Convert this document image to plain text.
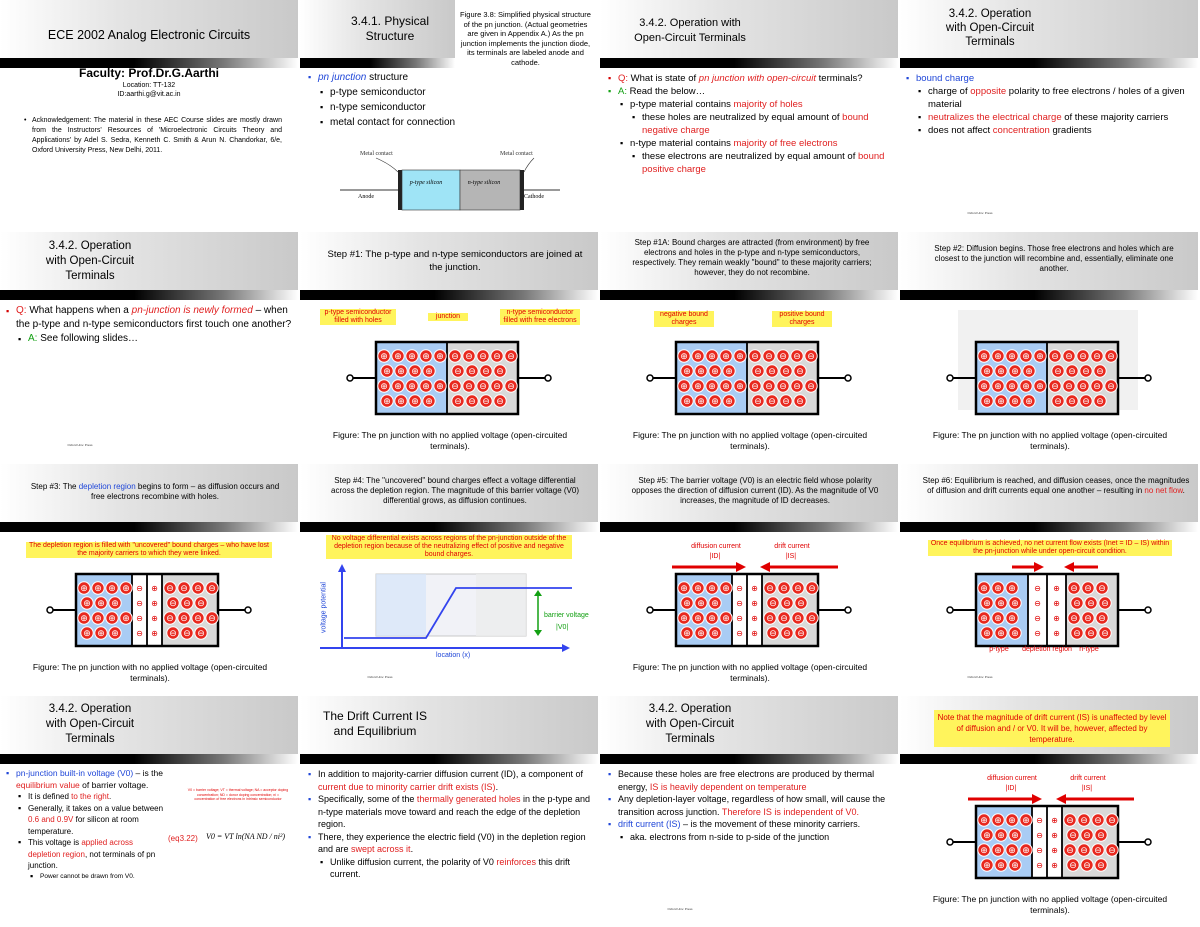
ECE 2002 Analog Electronic Circuits
Faculty: Prof.Dr.G.Aarthi
Location: TT-132
ID:aarthi.g@vit.ac.in
• Acknowledgement: The material in these AEC Course slides are mostly drawn from the Instructors' Resources of 'Microelectronic Circuits Theory and Applications' by Adel S. Sedra, Kenneth C. Smith & Arun N. Chandorkar, 6/e, Oxford University Press, New Delhi, 2011.
3.4.1. Physical
Structure
Figure 3.8: Simplified physical structure of the pn junction. (Actual geometries are given in Appendix A.) As the pn junction implements the junction diode, its terminals are labeled anode and cathode.
▪ pn junction structure
▪ p-type semiconductor
▪ n-type semiconductor
▪ metal contact for connection
Metal contact	Metal contact
p-type silicon	n-type silicon
Anode	Cathode
3.4.2. Operation with
Open-Circuit Terminals
▪ Q: What is state of pn junction with open-circuit terminals?
▪ A: Read the below…
▪ p-type material contains majority of holes
▪ these holes are neutralized by equal amount of bound negative charge
▪ n-type material contains majority of free electrons
▪ these electrons are neutralized by equal amount of bound positive charge
3.4.2. Operation
with Open-Circuit
Terminals
▪ bound charge
▪ charge of opposite polarity to free electrons / holes of a given material
▪ neutralizes the electrical charge of these majority carriers
▪ does not affect concentration gradients
Oxford Univ. Press
3.4.2. Operation
with Open-Circuit
Terminals
▪ Q: What happens when a pn-junction is newly formed – when the p-type and n-type semiconductors first touch one another?
▪ A: See following slides…
Oxford Univ. Press
Step #1: The p-type and n-type semiconductors are joined at the junction.
p-type semiconductor filled with holes
junction
n-type semiconductor filled with free electrons
⊕ ⊕ ⊕ ⊕ ⊕ ⊖ ⊖ ⊖ ⊖ ⊖
⊕ ⊕ ⊕ ⊕ ⊖ ⊖ ⊖ ⊖
⊕ ⊕ ⊕ ⊕ ⊕ ⊖ ⊖ ⊖ ⊖ ⊖
⊕ ⊕ ⊕ ⊕ ⊖ ⊖ ⊖ ⊖
Figure: The pn junction with no applied voltage (open-circuited terminals).
Step #1A: Bound charges are attracted (from environment) by free electrons and holes in the p-type and n-type semiconductors, respectively. They remain weakly "bound" to these majority carriers; however, they do not recombine.
negative bound charges
positive bound charges
⊕ ⊕ ⊕ ⊕ ⊕ ⊖ ⊖ ⊖ ⊖ ⊖
⊕ ⊕ ⊕ ⊕ ⊖ ⊖ ⊖ ⊖
⊕ ⊕ ⊕ ⊕ ⊕ ⊖ ⊖ ⊖ ⊖ ⊖
⊕ ⊕ ⊕ ⊕ ⊖ ⊖ ⊖ ⊖
Figure: The pn junction with no applied voltage (open-circuited terminals).
Step #2: Diffusion begins. Those free electrons and holes which are closest to the junction will recombine and, essentially, eliminate one another.
⊕ ⊕ ⊕ ⊕ ⊕ ⊖ ⊖ ⊖ ⊖ ⊖
⊕ ⊕ ⊕ ⊕ ⊖ ⊖ ⊖ ⊖
⊕ ⊕ ⊕ ⊕ ⊕ ⊖ ⊖ ⊖ ⊖ ⊖
⊕ ⊕ ⊕ ⊕ ⊖ ⊖ ⊖ ⊖
Figure: The pn junction with no applied voltage (open-circuited terminals).
Step #3: The depletion region begins to form – as diffusion occurs and free electrons recombine with holes.
The depletion region is filled with "uncovered" bound charges – who have lost the majority carriers to which they were linked.
⊕ ⊕ ⊕ ⊕	⊖ ⊖ ⊖ ⊖
⊕ ⊕ ⊕	⊖ ⊖ ⊖
⊕ ⊕ ⊕ ⊕	⊖ ⊖ ⊖ ⊖
⊕ ⊕ ⊕	⊖ ⊖ ⊖
⊖ ⊕
⊖ ⊕
⊖ ⊕
⊖ ⊕
Figure: The pn junction with no applied voltage (open-circuited terminals).
Step #4: The "uncovered" bound charges effect a voltage differential across the depletion region. The magnitude of this barrier voltage (V0) differential grows, as diffusion continues.
No voltage differential exists across regions of the pn-junction outside of the depletion region because of the neutralizing effect of positive and negative bound charges.
voltage potential	barrier voltage
|V0|
location (x)
Oxford Univ. Press
Step #5: The barrier voltage (V0) is an electric field whose polarity opposes the direction of diffusion current (ID). As the magnitude of V0 increases, the magnitude of ID decreases.
diffusion current
|ID|
drift current
|IS|
⊕ ⊕ ⊕ ⊕	⊖ ⊖ ⊖ ⊖
⊕ ⊕ ⊕	⊖ ⊖ ⊖
⊕ ⊕ ⊕ ⊕	⊖ ⊖ ⊖ ⊖
⊕ ⊕ ⊕	⊖ ⊖ ⊖
⊖ ⊕
⊖ ⊕
⊖ ⊕
⊖ ⊕
Figure: The pn junction with no applied voltage (open-circuited terminals).
Step #6: Equilibrium is reached, and diffusion ceases, once the magnitudes of diffusion and drift currents equal one another – resulting in no net flow.
Once equilibrium is achieved, no net current flow exists (Inet = ID – IS) within the pn-junction while under open-circuit condition.
⊕ ⊕ ⊕	⊖ ⊖ ⊖
⊕ ⊕ ⊕	⊖ ⊖ ⊖
⊕ ⊕ ⊕	⊖ ⊖ ⊖
⊕ ⊕ ⊕	⊖ ⊖ ⊖
⊖ ⊕
⊖ ⊕
⊖ ⊕
⊖ ⊕
p-type	depletion region	n-type
Oxford Univ. Press
3.4.2. Operation
with Open-Circuit
Terminals
▪ pn-junction built-in voltage (V0) – is the equilibrium value of barrier voltage.
▪ It is defined to the right.
▪ Generally, it takes on a value between 0.6 and 0.9V for silicon at room temperature.
▪ This voltage is applied across depletion region, not terminals of pn junction.
▪ Power cannot be drawn from V0.
V0 = barrier voltage; VT = thermal voltage; NA = acceptor doping concentration; ND = donor doping concentration; ni = concentration of free electrons in intrinsic semiconductor
(eq3.22) V0 = VT ln(NA ND / ni²)
The Drift Current IS
and Equilibrium
▪ In addition to majority-carrier diffusion current (ID), a component of current due to minority carrier drift exists (IS).
▪ Specifically, some of the thermally generated holes in the p-type and n-type materials move toward and reach the edge of the depletion region.
▪ There, they experience the electric field (V0) in the depletion region and are swept across it.
▪ Unlike diffusion current, the polarity of V0 reinforces this drift current.
3.4.2. Operation
with Open-Circuit
Terminals
▪ Because these holes are free electrons are produced by thermal energy, IS is heavily dependent on temperature
▪ Any depletion-layer voltage, regardless of how small, will cause the transition across junction. Therefore IS is independent of V0.
▪ drift current (IS) – is the movement of these minority carriers.
▪ aka. electrons from n-side to p-side of the junction
Oxford Univ. Press
Note that the magnitude of drift current (IS) is unaffected by level of diffusion and / or V0. It will be, however, affected by temperature.
diffusion current
|ID|
drift current
|IS|
⊕ ⊕ ⊕ ⊕	⊖ ⊖ ⊖ ⊖
⊕ ⊕ ⊕	⊖ ⊖ ⊖
⊕ ⊕ ⊕ ⊕	⊖ ⊖ ⊖ ⊖
⊕ ⊕ ⊕	⊖ ⊖ ⊖
⊖ ⊕
⊖ ⊕
⊖ ⊕
⊖ ⊕
Figure: The pn junction with no applied voltage (open-circuited terminals).
